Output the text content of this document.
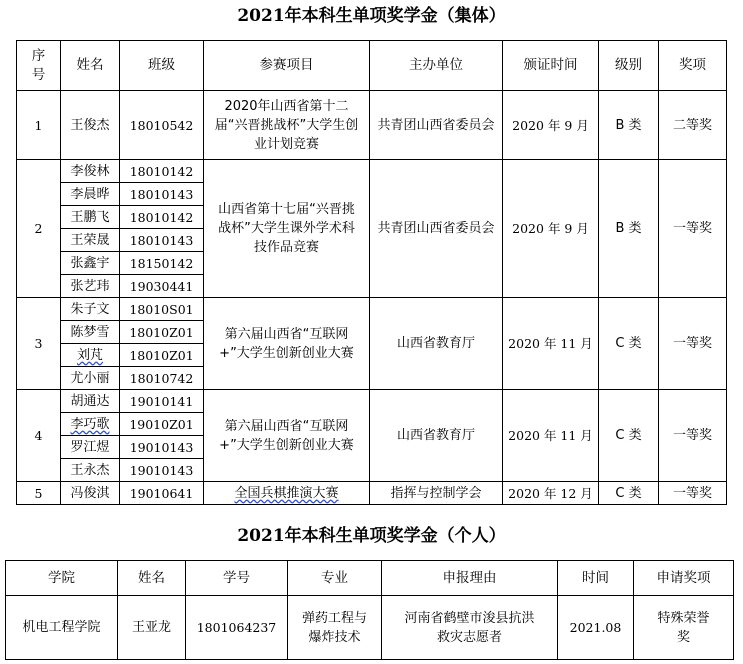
2021年本科生单项奖学金（集体）
序号	姓名	班级	参赛项目	主办单位	颁证时间	级别	奖项
1	王俊杰	18010542	2020年山西省第十二届“兴晋挑战杯”大学生创业计划竞赛	共青团山西省委员会	2020 年 9 月	B 类	二等奖
2	李俊林	18010142	山西省第十七届“兴晋挑战杯”大学生课外学术科技作品竞赛	共青团山西省委员会	2020 年 9 月	B 类	一等奖
	李晨晔	18010143					
	王鹏飞	18010142					
	王荣晟	18010143					
	张鑫宇	18150142					
	张艺玮	19030441					
3	朱子文	18010S01	第六届山西省“互联网+”大学生创新创业大赛	山西省教育厅	2020 年 11 月	C 类	一等奖
	陈梦雪	18010Z01					
	刘芃	18010Z01					
	尤小丽	18010742					
4	胡通达	19010141	第六届山西省“互联网+”大学生创新创业大赛	山西省教育厅	2020 年 11 月	C 类	一等奖
	李巧歌	19010Z01					
	罗江煜	19010143					
	王永杰	19010143					
5	冯俊淇	19010641	全国兵棋推演大赛	指挥与控制学会	2020 年 12 月	C 类	一等奖
2021年本科生单项奖学金（个人）
学院	姓名	学号	专业	申报理由	时间	申请奖项
机电工程学院	王亚龙	1801064237	弹药工程与爆炸技术	河南省鹤壁市浚县抗洪救灾志愿者	2021.08	特殊荣誉奖
